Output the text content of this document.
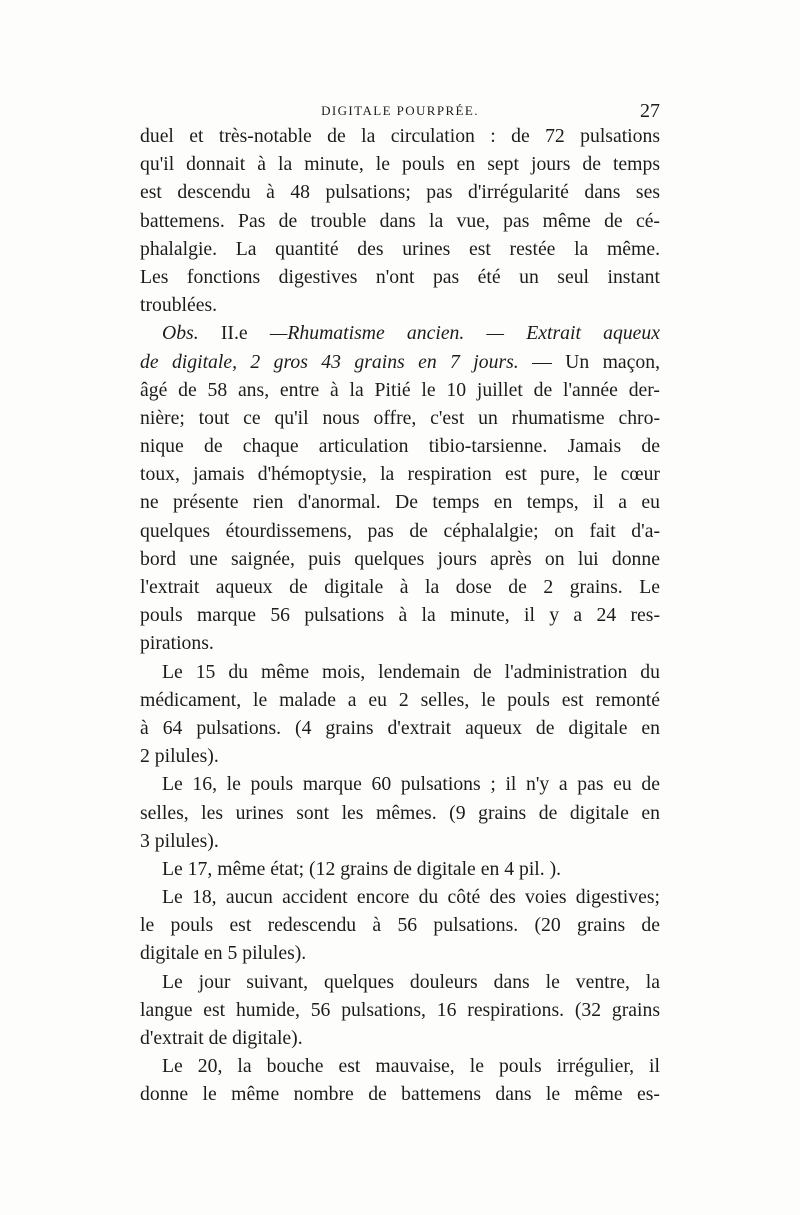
DIGITALE POURPRÉE.	27
duel et très-notable de la circulation : de 72 pulsations
qu'il donnait à la minute, le pouls en sept jours de temps
est descendu à 48 pulsations; pas d'irrégularité dans ses
battemens. Pas de trouble dans la vue, pas même de cé-
phalalgie. La quantité des urines est restée la même.
Les fonctions digestives n'ont pas été un seul instant
troublées.
Obs. II.e —Rhumatisme ancien. — Extrait aqueux
de digitale, 2 gros 43 grains en 7 jours. — Un maçon,
âgé de 58 ans, entre à la Pitié le 10 juillet de l'année der-
nière; tout ce qu'il nous offre, c'est un rhumatisme chro-
nique de chaque articulation tibio-tarsienne. Jamais de
toux, jamais d'hémoptysie, la respiration est pure, le cœur
ne présente rien d'anormal. De temps en temps, il a eu
quelques étourdissemens, pas de céphalalgie; on fait d'a-
bord une saignée, puis quelques jours après on lui donne
l'extrait aqueux de digitale à la dose de 2 grains. Le
pouls marque 56 pulsations à la minute, il y a 24 res-
pirations.
Le 15 du même mois, lendemain de l'administration du
médicament, le malade a eu 2 selles, le pouls est remonté
à 64 pulsations. (4 grains d'extrait aqueux de digitale en
2 pilules).
Le 16, le pouls marque 60 pulsations ; il n'y a pas eu de
selles, les urines sont les mêmes. (9 grains de digitale en
3 pilules).
Le 17, même état; (12 grains de digitale en 4 pil. ).
Le 18, aucun accident encore du côté des voies digestives;
le pouls est redescendu à 56 pulsations. (20 grains de
digitale en 5 pilules).
Le jour suivant, quelques douleurs dans le ventre, la
langue est humide, 56 pulsations, 16 respirations. (32 grains
d'extrait de digitale).
Le 20, la bouche est mauvaise, le pouls irrégulier, il
donne le même nombre de battemens dans le même es-
